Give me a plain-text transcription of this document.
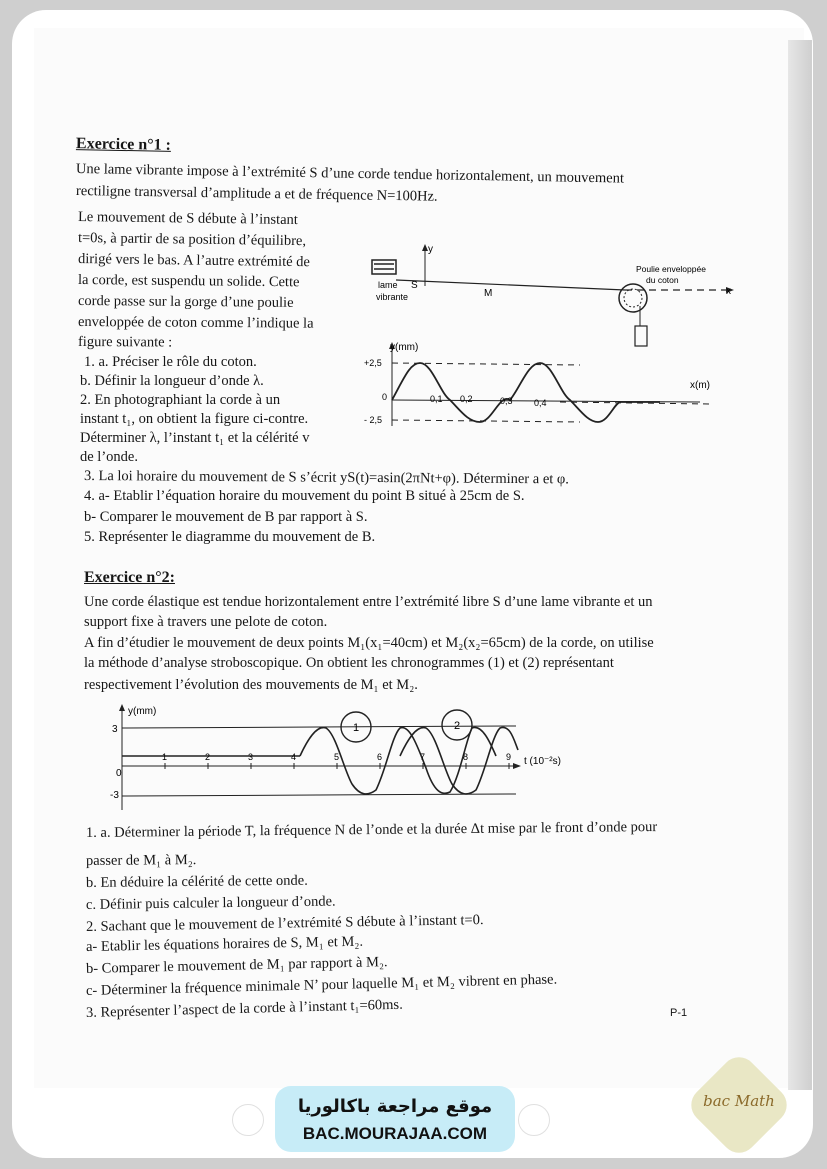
Exercice n°1 :
Une lame vibrante impose à l’extrémité S d’une corde tendue horizontalement, un mouvement
rectiligne transversal d’amplitude a et de fréquence N=100Hz.
Le mouvement de S débute à l’instant
t=0s, à partir de sa position d’équilibre,
dirigé vers le bas. A l’autre extrémité de
la corde, est suspendu un solide. Cette
corde passe sur la gorge d’une poulie
enveloppée de coton comme l’indique la
figure suivante :
1. a. Préciser le rôle du coton.
b. Définir la longueur d’onde λ.
2. En photographiant la corde à un
instant t₁, on obtient la figure ci-contre.
Déterminer λ, l’instant t₁ et la célérité v
de l’onde.
3. La loi horaire du mouvement de S s’écrit yS(t)=asin(2πNt+φ). Déterminer a et φ.
4. a- Etablir l’équation horaire du mouvement du point B situé à 25cm de S.
b- Comparer le mouvement de B par rapport à S.
5. Représenter le diagramme du mouvement de B.
y
lame
vibrante
S
M
Poulie enveloppée
du coton
x
y(mm)
+2,5
- 2,5
0	0,1 0,2	0,3 0,4
x(m)
Exercice n°2:
Une corde élastique est tendue horizontalement entre l’extrémité libre S d’une lame vibrante et un
support fixe à travers une pelote de coton.
A fin d’étudier le mouvement de deux points M₁(x₁=40cm) et M₂(x₂=65cm) de la corde, on utilise
la méthode d’analyse stroboscopique. On obtient les chronogrammes (1) et (2) représentant
respectivement l’évolution des mouvements de M₁ et M₂.
1	2
y(mm)
3
-3
0
1	2	3	4	5	6	7	8	9 t (10⁻²s)
1. a. Déterminer la période T, la fréquence N de l’onde et la durée Δt mise par le front d’onde pour
passer de M₁ à M₂.
b. En déduire la célérité de cette onde.
c. Définir puis calculer la longueur d’onde.
2. Sachant que le mouvement de l’extrémité S débute à l’instant t=0.
a- Etablir les équations horaires de S, M₁ et M₂.
b- Comparer le mouvement de M₁ par rapport à M₂.
c- Déterminer la fréquence minimale N’ pour laquelle M₁ et M₂ vibrent en phase.
3. Représenter l’aspect de la corde à l’instant t₁=60ms.	P-1
موقع مراجعة باكالوريا
BAC.MOURAJAA.COM
bac Math
